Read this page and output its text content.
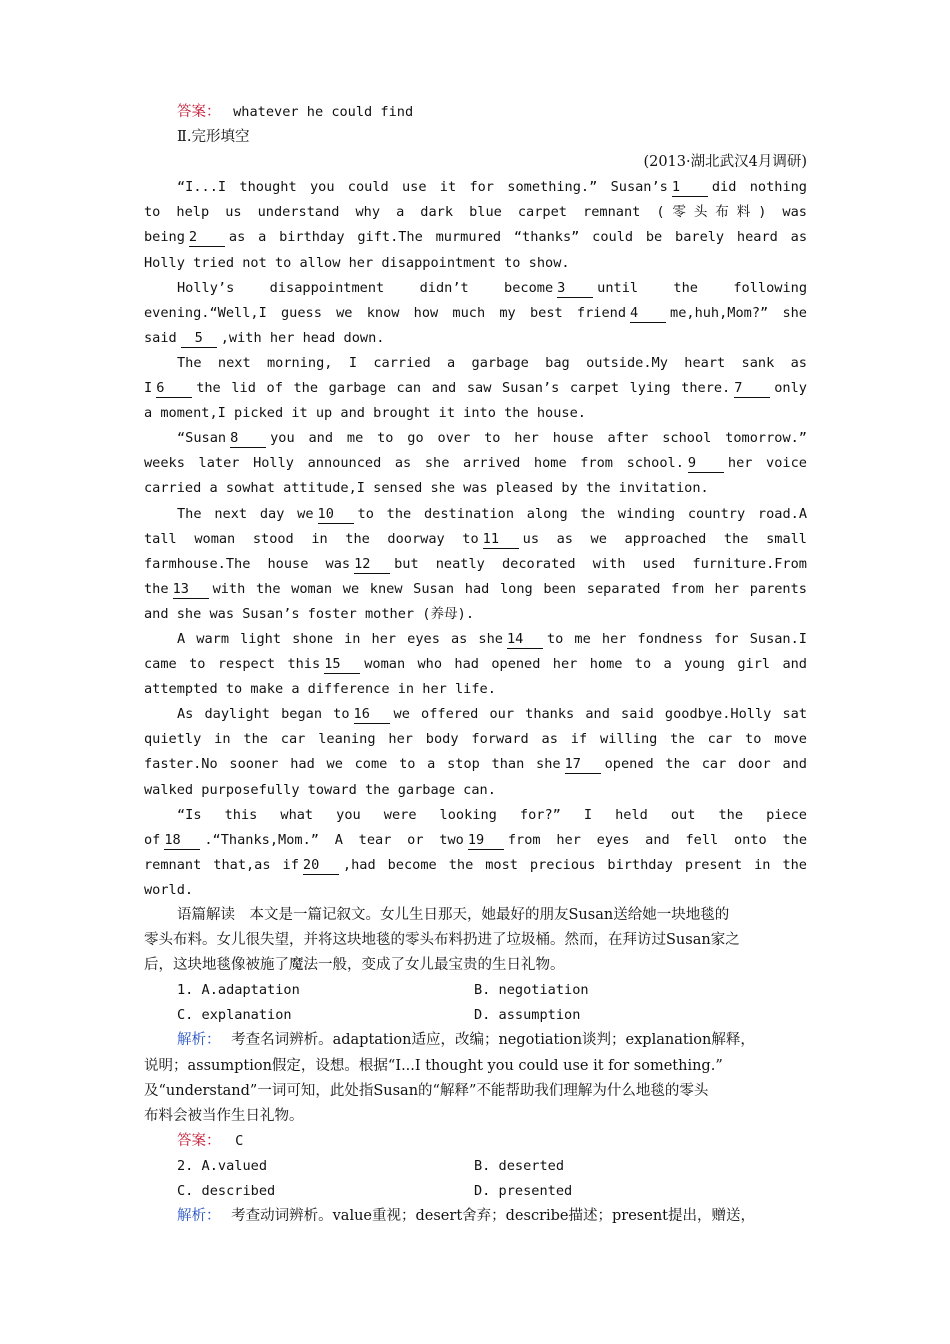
答案： whatever he could find
Ⅱ.完形填空
(2013·湖北武汉4月调研)
“I...I thought you could use it for something.” Susan’s 1 did nothing
to help us understand why a dark blue carpet remnant (零头布料) was
being 2 as a birthday gift.The murmured “thanks” could be barely heard as
Holly tried not to allow her disappointment to show.
Holly’s disappointment didn’t become 3 until the following
evening.“Well,I guess we know how much my best friend 4 me,huh,Mom?” she
said 5 ,with her head down.
The next morning, I carried a garbage bag outside.My heart sank as
I 6 the lid of the garbage can and saw Susan’s carpet lying there. 7 only
a moment,I picked it up and brought it into the house.
“Susan 8 you and me to go over to her house after school tomorrow.”
weeks later Holly announced as she arrived home from school. 9 her voice
carried a sowhat attitude,I sensed she was pleased by the invitation.
The next day we 10 to the destination along the winding country road.A
tall woman stood in the doorway to 11 us as we approached the small
farmhouse.The house was 12 but neatly decorated with used furniture.From
the 13 with the woman we knew Susan had long been separated from her parents
and she was Susan’s foster mother (养母).
A warm light shone in her eyes as she 14 to me her fondness for Susan.I
came to respect this 15 woman who had opened her home to a young girl and
attempted to make a difference in her life.
As daylight began to 16 we offered our thanks and said goodbye.Holly sat
quietly in the car leaning her body forward as if willing the car to move
faster.No sooner had we come to a stop than she 17 opened the car door and
walked purposefully toward the garbage can.
“Is this what you were looking for?” I held out the piece
of 18 .“Thanks,Mom.” A tear or two 19 from her eyes and fell onto the
remnant that,as if 20 ,had become the most precious birthday present in the
world.
语篇解读　本文是一篇记叙文。女儿生日那天，她最好的朋友Susan送给她一块地毯的
零头布料。女儿很失望，并将这块地毯的零头布料扔进了垃圾桶。然而，在拜访过Susan家之
后，这块地毯像被施了魔法一般，变成了女儿最宝贵的生日礼物。
1. A.adaptation	B. negotiation
C. explanation	D. assumption
解析： 考查名词辨析。adaptation适应，改编；negotiation谈判；explanation解释，
说明；assumption假定，设想。根据“I...I thought you could use it for something.”
及“understand”一词可知，此处指Susan的“解释”不能帮助我们理解为什么地毯的零头
布料会被当作生日礼物。
答案： C
2. A.valued	B. deserted
C. described	D. presented
解析： 考查动词辨析。value重视；desert舍弃；describe描述；present提出，赠送，
